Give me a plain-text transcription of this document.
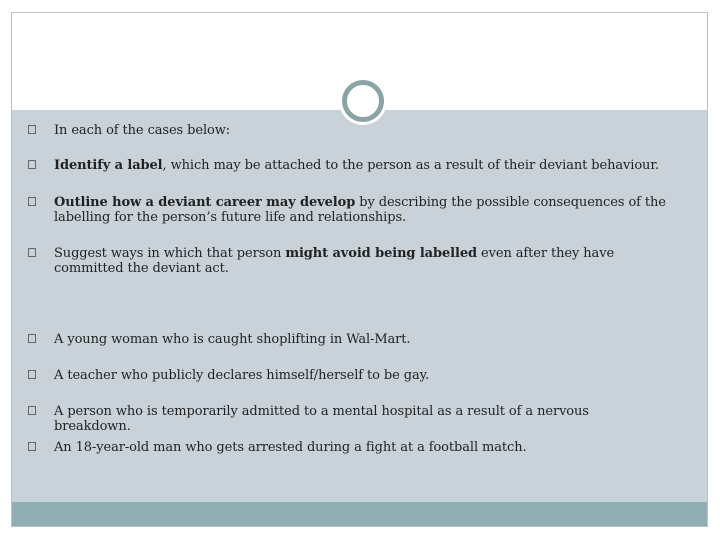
In each of the cases below:
Identify a label, which may be attached to the person as a result of their deviant behaviour.
Outline how a deviant career may develop by describing the possible consequences of the labelling for the person’s future life and relationships.
Suggest ways in which that person might avoid being labelled even after they have committed the deviant act.
A young woman who is caught shoplifting in Wal-Mart.
A teacher who publicly declares himself/herself to be gay.
A person who is temporarily admitted to a mental hospital as a result of a nervous breakdown.
An 18-year-old man who gets arrested during a fight at a football match.
